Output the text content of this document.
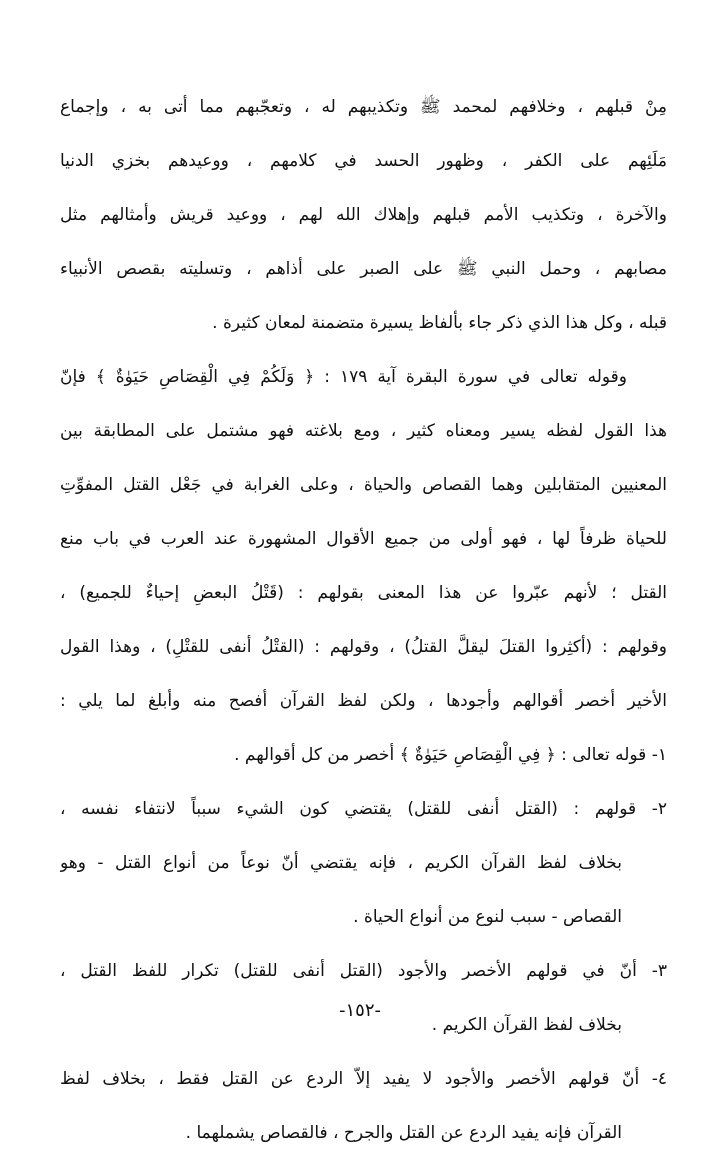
مِنْ قبلهم ، وخلافهم لمحمد ﷺ وتكذيبهم له ، وتعجّبهم مما أتى به ، وإجماع
مَلَئِهم على الكفر ، وظهور الحسد في كلامهم ، ووعيدهم بخزي الدنيا
والآخرة ، وتكذيب الأمم قبلهم وإهلاك الله لهم ، ووعيد قريش وأمثالهم مثل
مصابهم ، وحمل النبي ﷺ على الصبر على أذاهم ، وتسليته بقصص الأنبياء
قبله ، وكل هذا الذي ذكر جاء بألفاظ يسيرة متضمنة لمعان كثيرة .
وقوله تعالى في سورة البقرة آية ١٧٩ : ﴿ وَلَكُمْ فِي الْقِصَاصِ حَيَوٰةٌ ﴾ فإنّ
هذا القول لفظه يسير ومعناه كثير ، ومع بلاغته فهو مشتمل على المطابقة بين
المعنيين المتقابلين وهما القصاص والحياة ، وعلى الغرابة في جَعْل القتل المفوِّتِ
للحياة ظرفاً لها ، فهو أولى من جميع الأقوال المشهورة عند العرب في باب منع
القتل ؛ لأنهم عبّروا عن هذا المعنى بقولهم : (قَتْلُ البعضِ إحياءٌ للجميع) ،
وقولهم : (أكثِروا القتلَ ليقلَّ القتلُ) ، وقولهم : (القتْلُ أنفى للقتْلِ) ، وهذا القول
الأخير أخصر أقوالهم وأجودها ، ولكن لفظ القرآن أفصح منه وأبلغ لما يلي :
١- قوله تعالى : ﴿ فِي الْقِصَاصِ حَيَوٰةٌ ﴾ أخصر من كل أقوالهم .
٢- قولهم : (القتل أنفى للقتل) يقتضي كون الشيء سبباً لانتفاء نفسه ،
بخلاف لفظ القرآن الكريم ، فإنه يقتضي أنّ نوعاً من أنواع القتل - وهو
القصاص - سبب لنوع من أنواع الحياة .
٣- أنّ في قولهم الأخصر والأجود (القتل أنفى للقتل) تكرار للفظ القتل ،
بخلاف لفظ القرآن الكريم .
٤- أنّ قولهم الأخصر والأجود لا يفيد إلاّ الردع عن القتل فقط ، بخلاف لفظ
القرآن فإنه يفيد الردع عن القتل والجرح ، فالقصاص يشملهما .
-١٥٢-
